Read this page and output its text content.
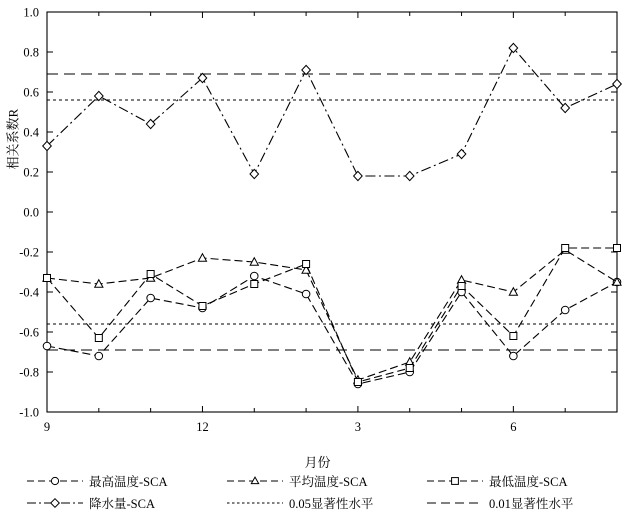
-1.0
-0.8
-0.6
-0.4
-0.2
0.0
0.2
0.4
0.6
0.8
1.0
9	12	3	6
相关系数R
月份
最高温度-SCA	平均温度-SCA	最低温度-SCA
降水量-SCA	0.05显著性水平	0.01显著性水平
